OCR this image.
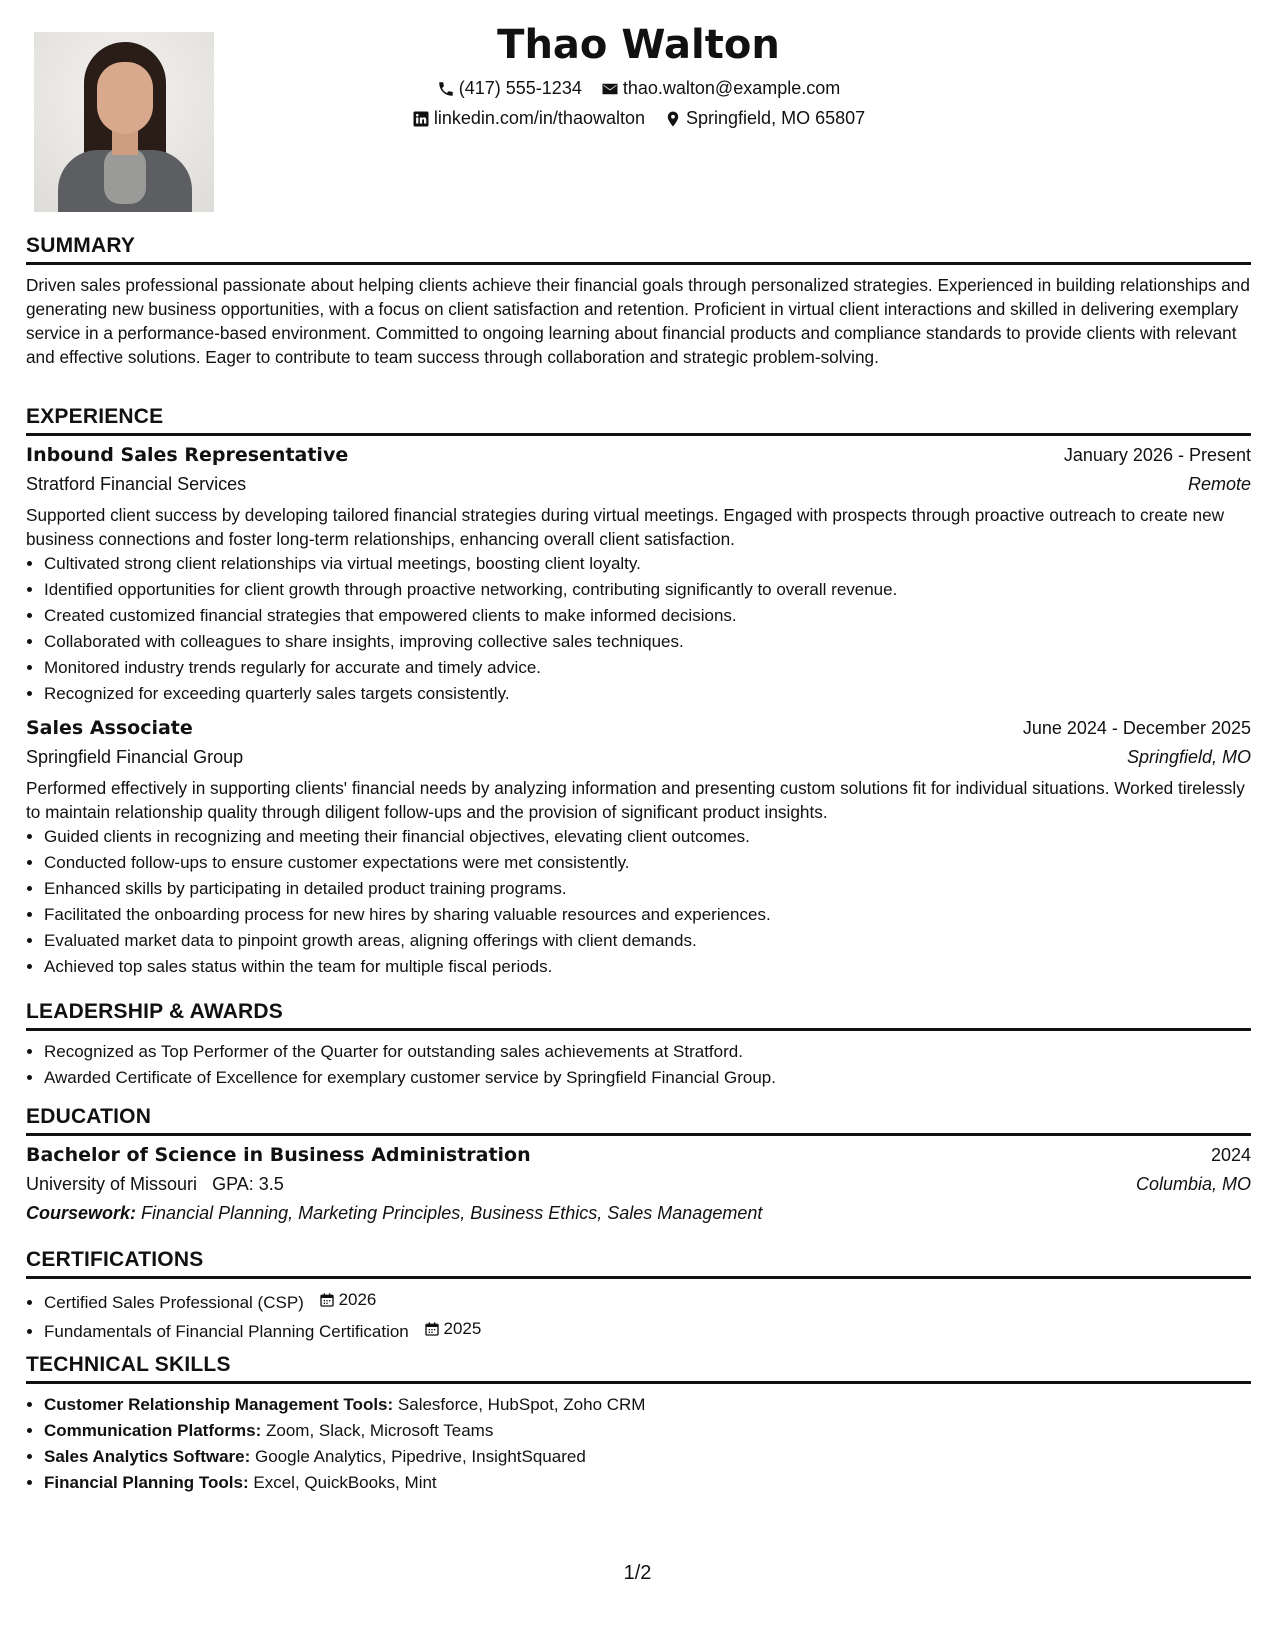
Thao Walton
(417) 555-1234
thao.walton@example.com
linkedin.com/in/thaowalton
Springfield, MO 65807
SUMMARY
Driven sales professional passionate about helping clients achieve their financial goals through personalized strategies. Experienced in building relationships and generating new business opportunities, with a focus on client satisfaction and retention. Proficient in virtual client interactions and skilled in delivering exemplary service in a performance-based environment. Committed to ongoing learning about financial products and compliance standards to provide clients with relevant and effective solutions. Eager to contribute to team success through collaboration and strategic problem-solving.
EXPERIENCE
Inbound Sales Representative	January 2026 - Present
Stratford Financial Services	Remote
Supported client success by developing tailored financial strategies during virtual meetings. Engaged with prospects through proactive outreach to create new business connections and foster long-term relationships, enhancing overall client satisfaction.
• Cultivated strong client relationships via virtual meetings, boosting client loyalty.
• Identified opportunities for client growth through proactive networking, contributing significantly to overall revenue.
• Created customized financial strategies that empowered clients to make informed decisions.
• Collaborated with colleagues to share insights, improving collective sales techniques.
• Monitored industry trends regularly for accurate and timely advice.
• Recognized for exceeding quarterly sales targets consistently.
Sales Associate	June 2024 - December 2025
Springfield Financial Group	Springfield, MO
Performed effectively in supporting clients' financial needs by analyzing information and presenting custom solutions fit for individual situations. Worked tirelessly to maintain relationship quality through diligent follow-ups and the provision of significant product insights.
• Guided clients in recognizing and meeting their financial objectives, elevating client outcomes.
• Conducted follow-ups to ensure customer expectations were met consistently.
• Enhanced skills by participating in detailed product training programs.
• Facilitated the onboarding process for new hires by sharing valuable resources and experiences.
• Evaluated market data to pinpoint growth areas, aligning offerings with client demands.
• Achieved top sales status within the team for multiple fiscal periods.
LEADERSHIP & AWARDS
• Recognized as Top Performer of the Quarter for outstanding sales achievements at Stratford.
• Awarded Certificate of Excellence for exemplary customer service by Springfield Financial Group.
EDUCATION
Bachelor of Science in Business Administration	2024
University of Missouri GPA: 3.5	Columbia, MO
Coursework: Financial Planning, Marketing Principles, Business Ethics, Sales Management
CERTIFICATIONS
• Certified Sales Professional (CSP) 2026
• Fundamentals of Financial Planning Certification 2025
TECHNICAL SKILLS
• Customer Relationship Management Tools: Salesforce, HubSpot, Zoho CRM
• Communication Platforms: Zoom, Slack, Microsoft Teams
• Sales Analytics Software: Google Analytics, Pipedrive, InsightSquared
• Financial Planning Tools: Excel, QuickBooks, Mint
1/2
